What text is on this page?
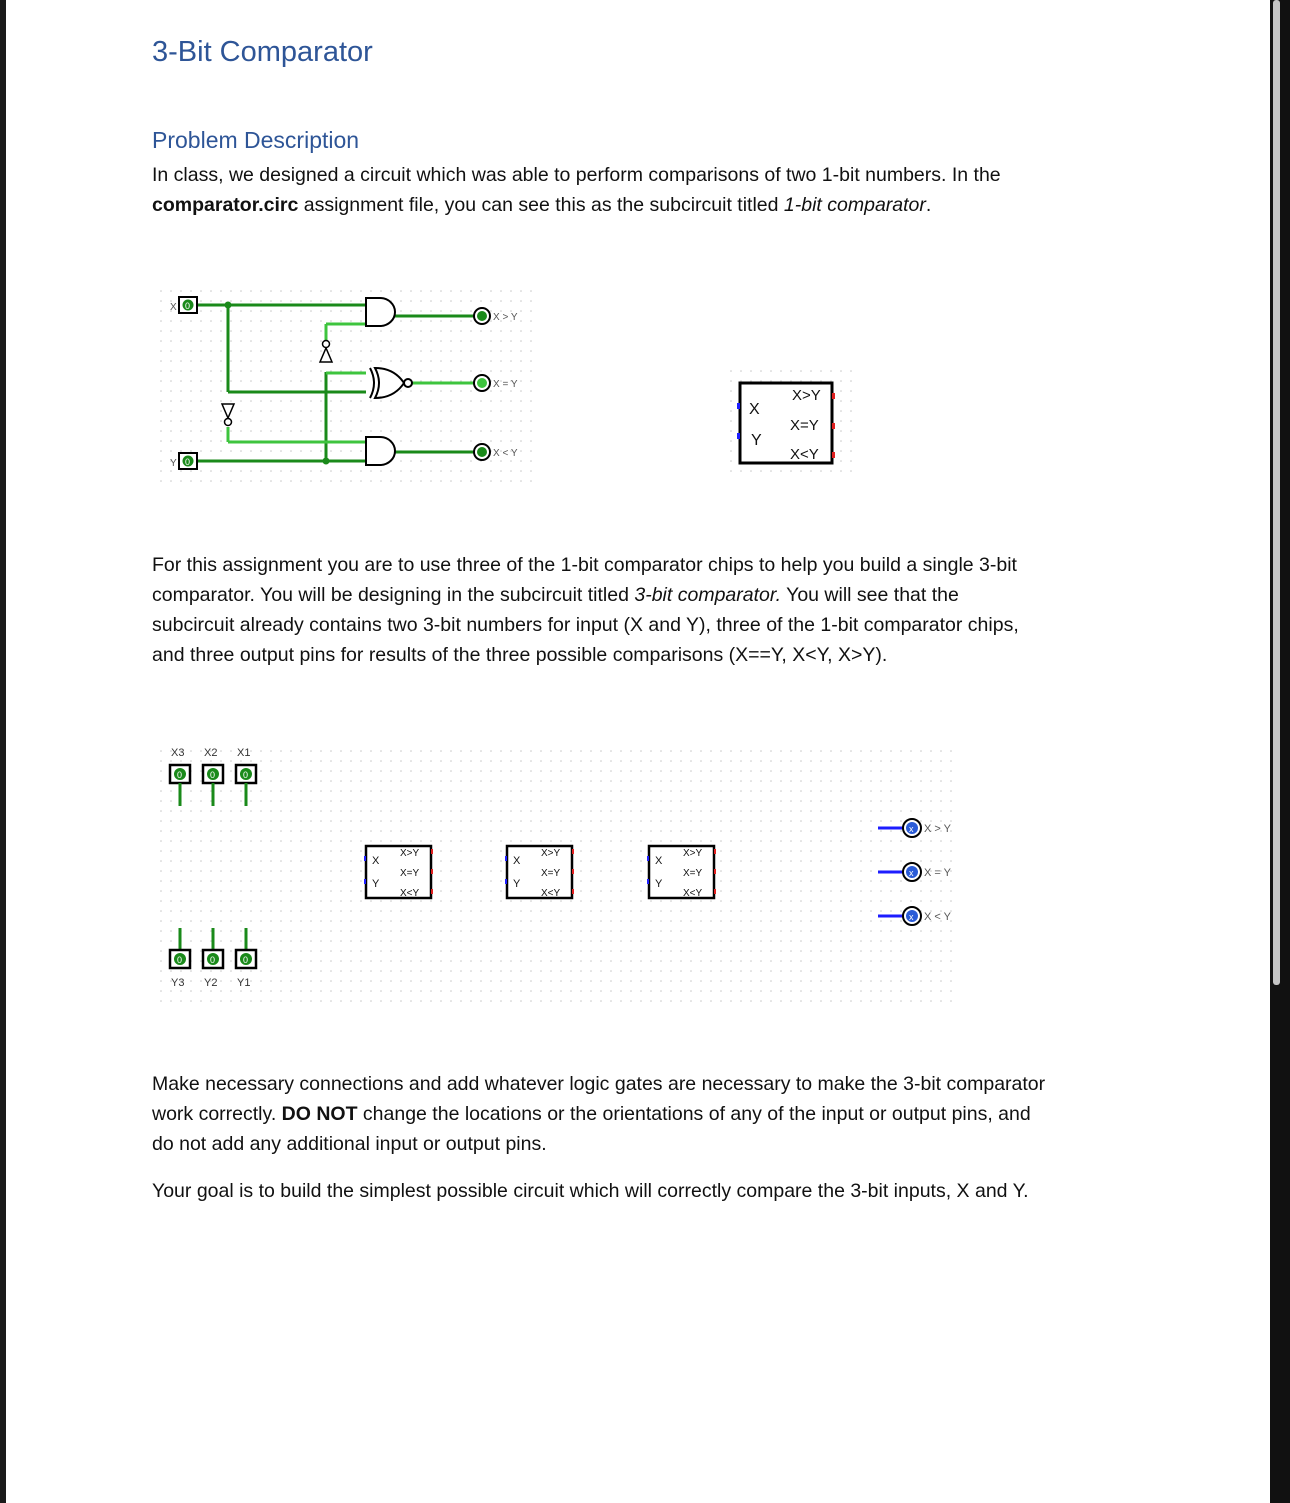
3-Bit Comparator
Problem Description
In class, we designed a circuit which was able to perform comparisons of two 1-bit numbers. In the
comparator.circ assignment file, you can see this as the subcircuit titled 1-bit comparator.
X
Y
0
0
X > Y
X = Y
X < Y
X
Y
X>Y
X=Y
X<Y
For this assignment you are to use three of the 1-bit comparator chips to help you build a single 3-bit
comparator. You will be designing in the subcircuit titled 3-bit comparator. You will see that the
subcircuit already contains two 3-bit numbers for input (X and Y), three of the 1-bit comparator chips,
and three output pins for results of the three possible comparisons (X==Y, X<Y, X>Y).
X3 X2 X1
0	0	0
0	0	0
Y3 Y2 Y1
X
Y
X>Y
X=Y
X<Y
X
Y
X>Y
X=Y
X<Y
X
Y
X>Y
X=Y
X<Y
x
x
x
X > Y
X = Y
X < Y
Make necessary connections and add whatever logic gates are necessary to make the 3-bit comparator
work correctly. DO NOT change the locations or the orientations of any of the input or output pins, and
do not add any additional input or output pins.
Your goal is to build the simplest possible circuit which will correctly compare the 3-bit inputs, X and Y.
